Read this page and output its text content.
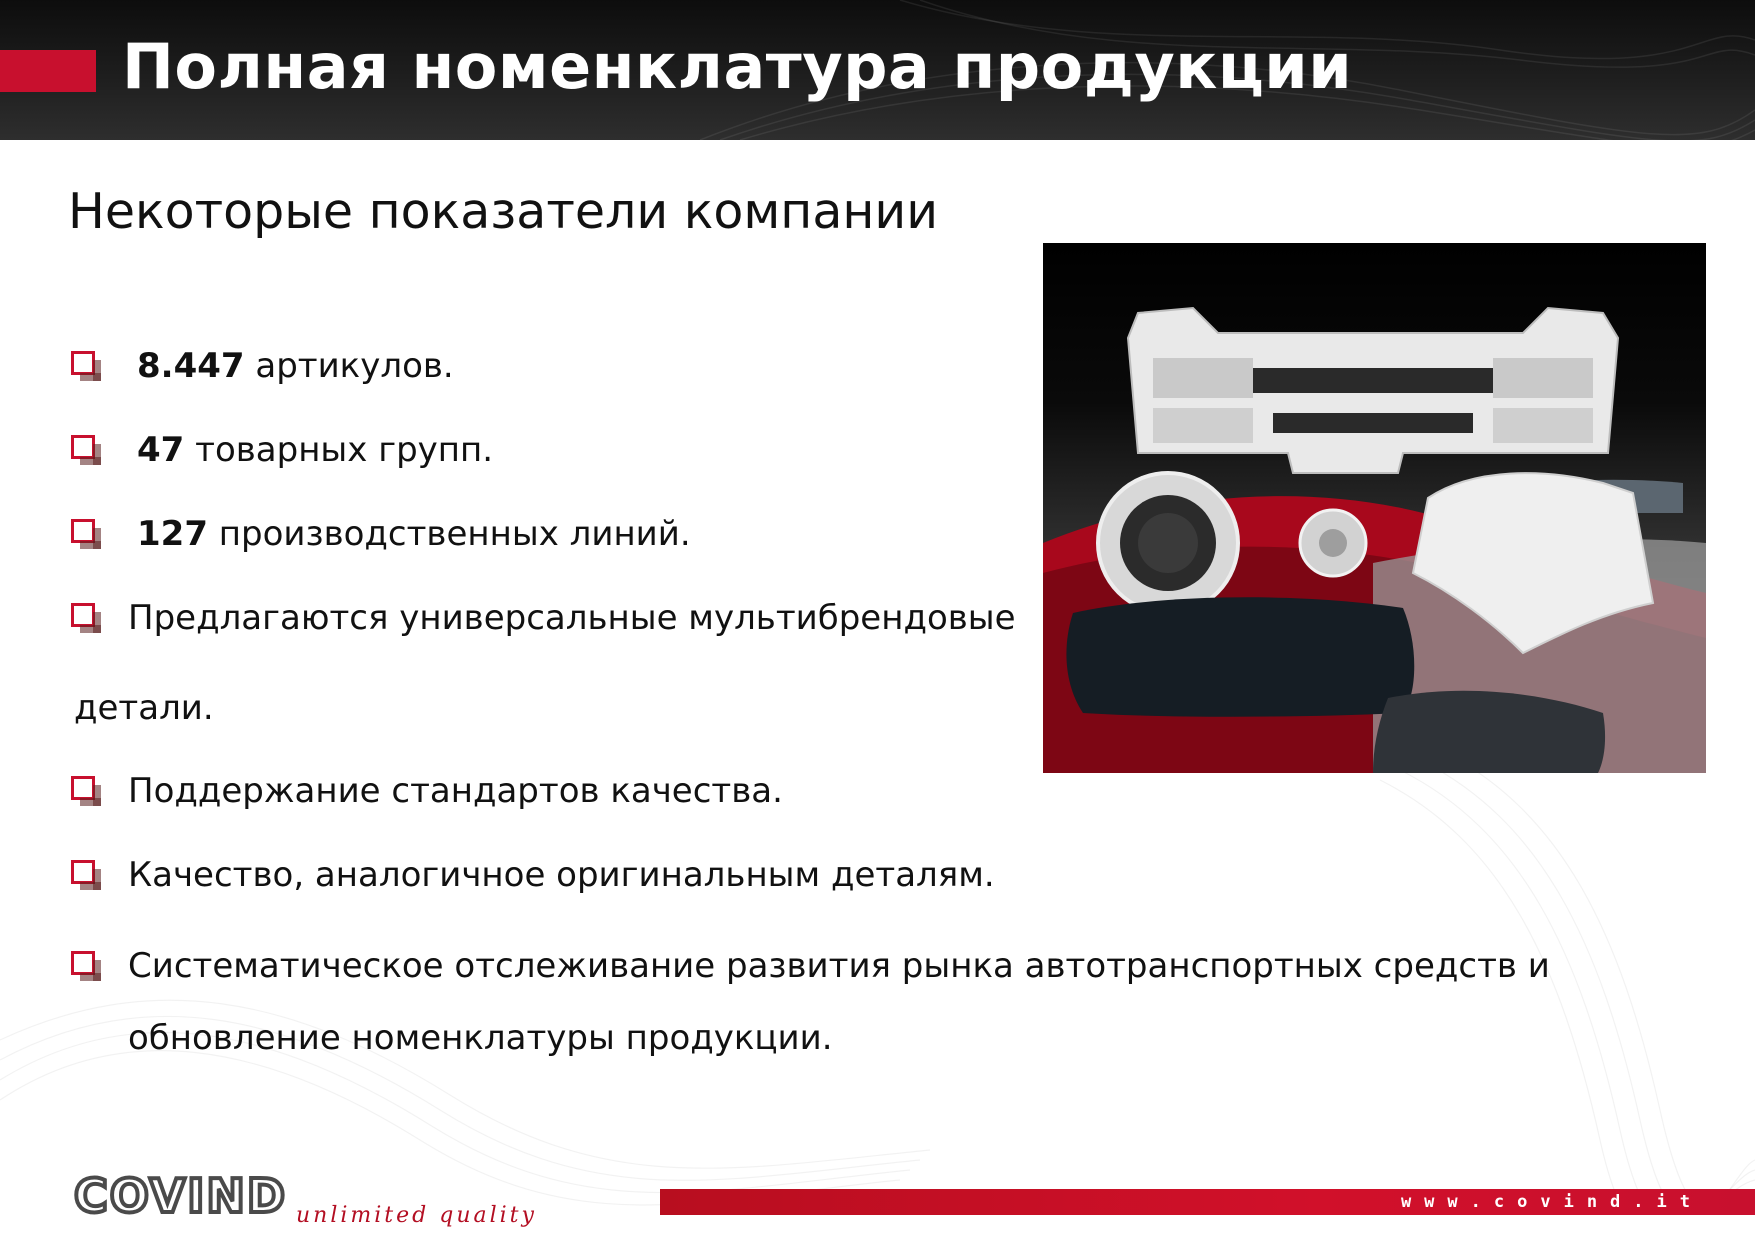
Полная номенклатура продукции
Некоторые показатели компании
8.447 артикулов.
47 товарных групп.
127 производственных линий.
Предлагаются универсальные мультибрендовые
детали.
Поддержание стандартов качества.
Качество, аналогичное оригинальным деталям.
Систематическое отслеживание развития рынка автотранспортных средств и
обновление номенклатуры продукции.
COVIND unlimited quality
www.covind.it
